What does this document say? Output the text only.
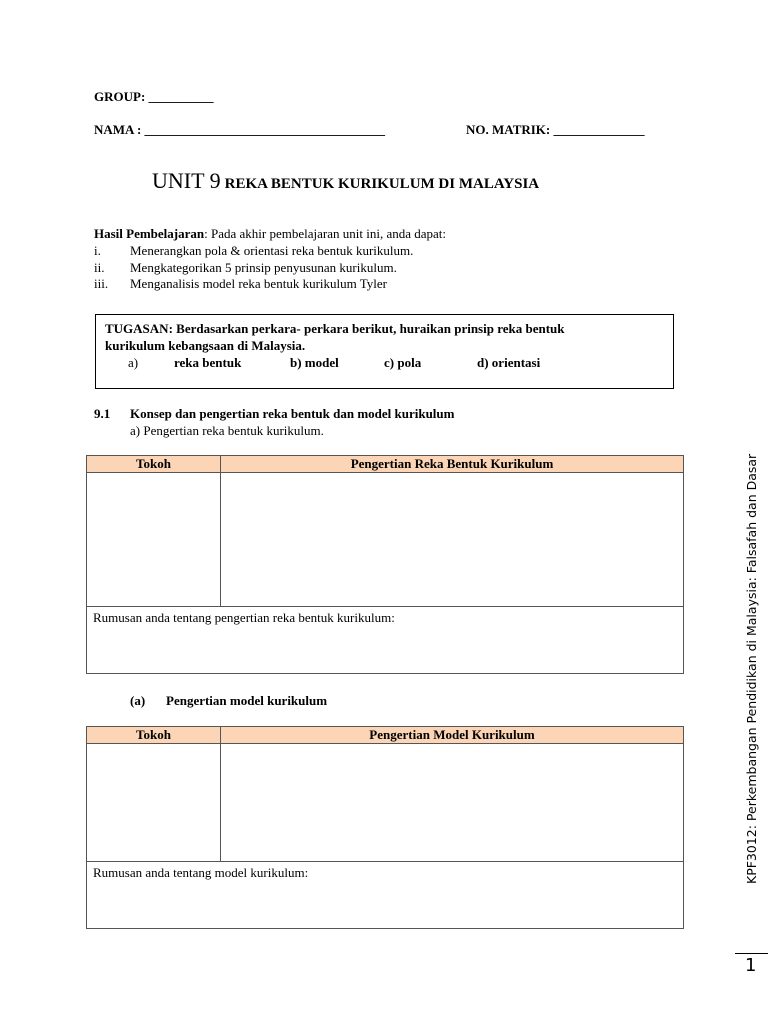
GROUP: __________
NAMA : _____________________________________	NO. MATRIK: ______________
UNIT 9 REKA BENTUK KURIKULUM DI MALAYSIA
Hasil Pembelajaran: Pada akhir pembelajaran unit ini, anda dapat:
i. Menerangkan pola & orientasi reka bentuk kurikulum.
ii. Mengkategorikan 5 prinsip penyusunan kurikulum.
iii. Menganalisis model reka bentuk kurikulum Tyler
TUGASAN: Berdasarkan perkara- perkara berikut, huraikan prinsip reka bentuk
kurikulum kebangsaan di Malaysia.
a)	reka bentuk	b) model	c) pola	d) orientasi
9.1 Konsep dan pengertian reka bentuk dan model kurikulum
a) Pengertian reka bentuk kurikulum.
Tokoh	Pengertian Reka Bentuk Kurikulum

Rumusan anda tentang pengertian reka bentuk kurikulum:	
(a) Pengertian model kurikulum
Tokoh	Pengertian Model Kurikulum

Rumusan anda tentang model kurikulum:		KPF3012: Perkembangan Pendidikan di Malaysia: Falsafah dan Dasar
1
